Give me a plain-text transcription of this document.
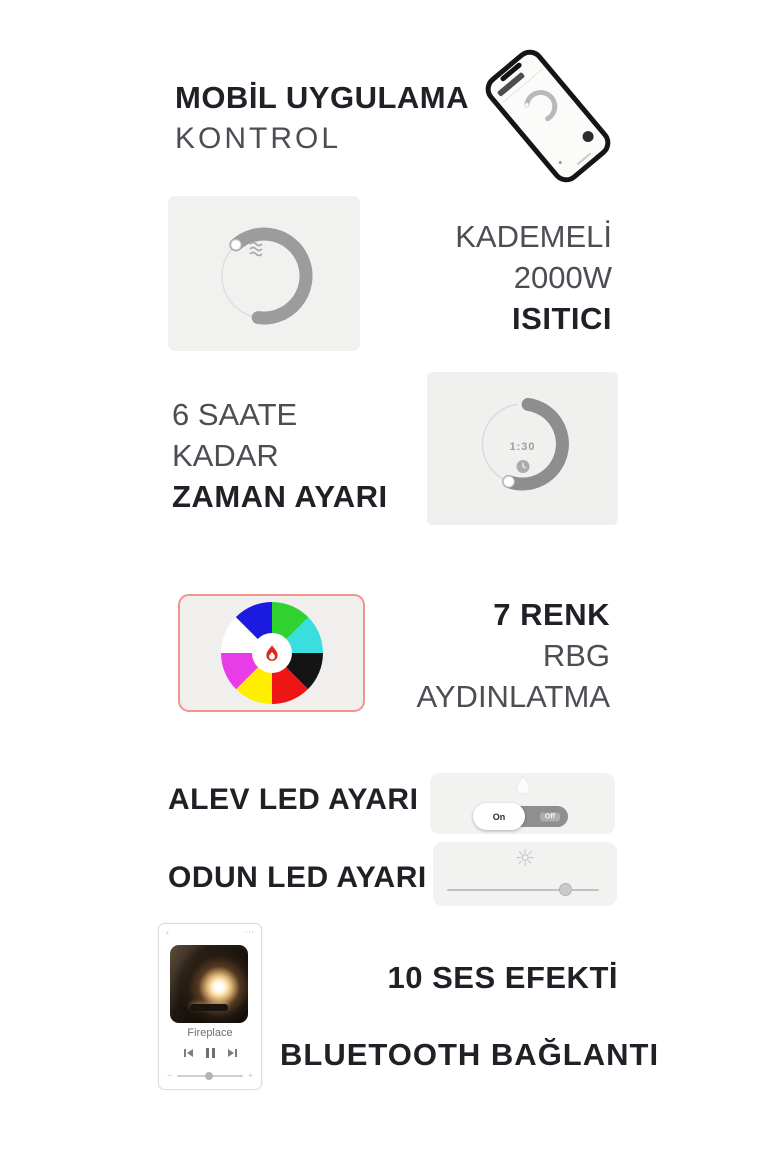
MOBİL UYGULAMA
KONTROL
KADEMELİ
2000W
ISITICI
6 SAATE
KADAR
ZAMAN AYARI
1:30
7 RENK
RBG
AYDINLATMA
ALEV LED AYARI
Off
On
ODUN LED AYARI
☼
‹	⋯
Fireplace
−	+
10 SES EFEKTİ
BLUETOOTH BAĞLANTI
